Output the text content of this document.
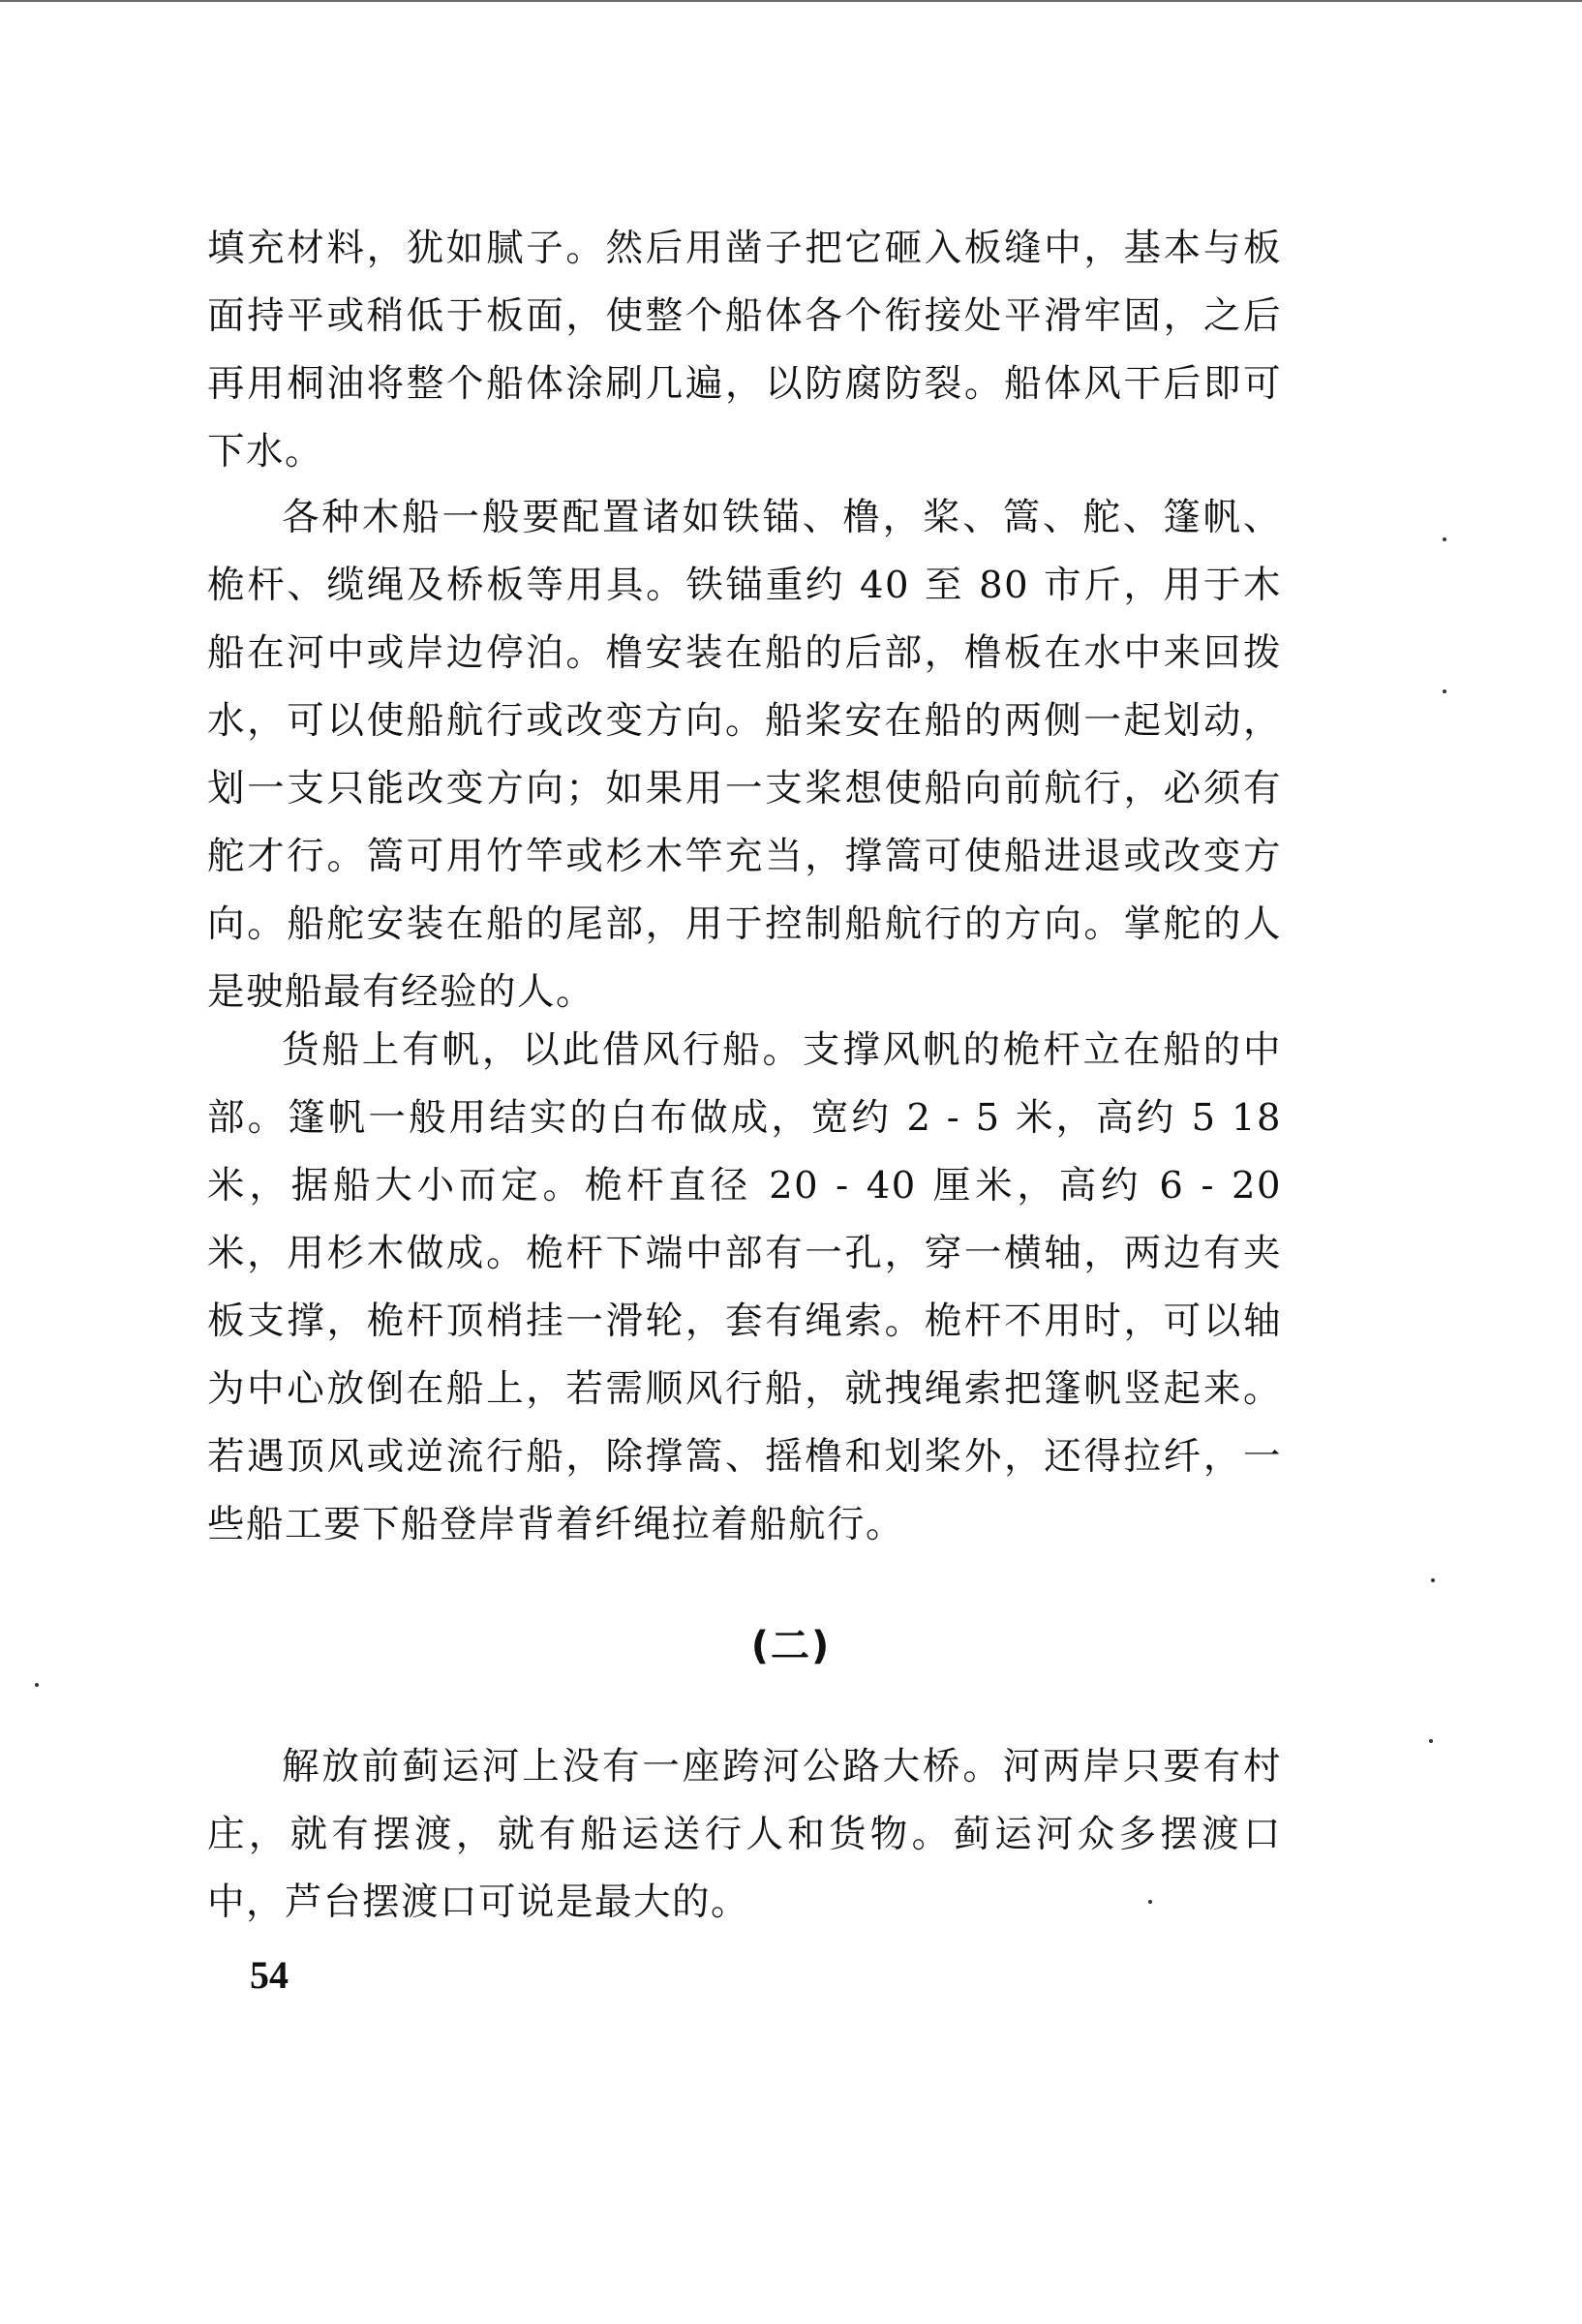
填充材料，犹如腻子。然后用凿子把它砸入板缝中，基本与板面持平或稍低于板面，使整个船体各个衔接处平滑牢固，之后再用桐油将整个船体涂刷几遍，以防腐防裂。船体风干后即可下水。

各种木船一般要配置诸如铁锚、橹，桨、篙、舵、篷帆、桅杆、缆绳及桥板等用具。铁锚重约 40 至 80 市斤，用于木船在河中或岸边停泊。橹安装在船的后部，橹板在水中来回拨水，可以使船航行或改变方向。船桨安在船的两侧一起划动，划一支只能改变方向；如果用一支桨想使船向前航行，必须有舵才行。篙可用竹竿或杉木竿充当，撑篙可使船进退或改变方向。船舵安装在船的尾部，用于控制船航行的方向。掌舵的人是驶船最有经验的人。

货船上有帆，以此借风行船。支撑风帆的桅杆立在船的中部。篷帆一般用结实的白布做成，宽约 2 - 5 米，高约 5 18 米，据船大小而定。桅杆直径 20 - 40 厘米，高约 6 - 20 米，用杉木做成。桅杆下端中部有一孔，穿一横轴，两边有夹板支撑，桅杆顶梢挂一滑轮，套有绳索。桅杆不用时，可以轴为中心放倒在船上，若需顺风行船，就拽绳索把篷帆竖起来。若遇顶风或逆流行船，除撑篙、摇橹和划桨外，还得拉纤，一些船工要下船登岸背着纤绳拉着船航行。

(二)

解放前蓟运河上没有一座跨河公路大桥。河两岸只要有村庄，就有摆渡，就有船运送行人和货物。蓟运河众多摆渡口中，芦台摆渡口可说是最大的。

54
